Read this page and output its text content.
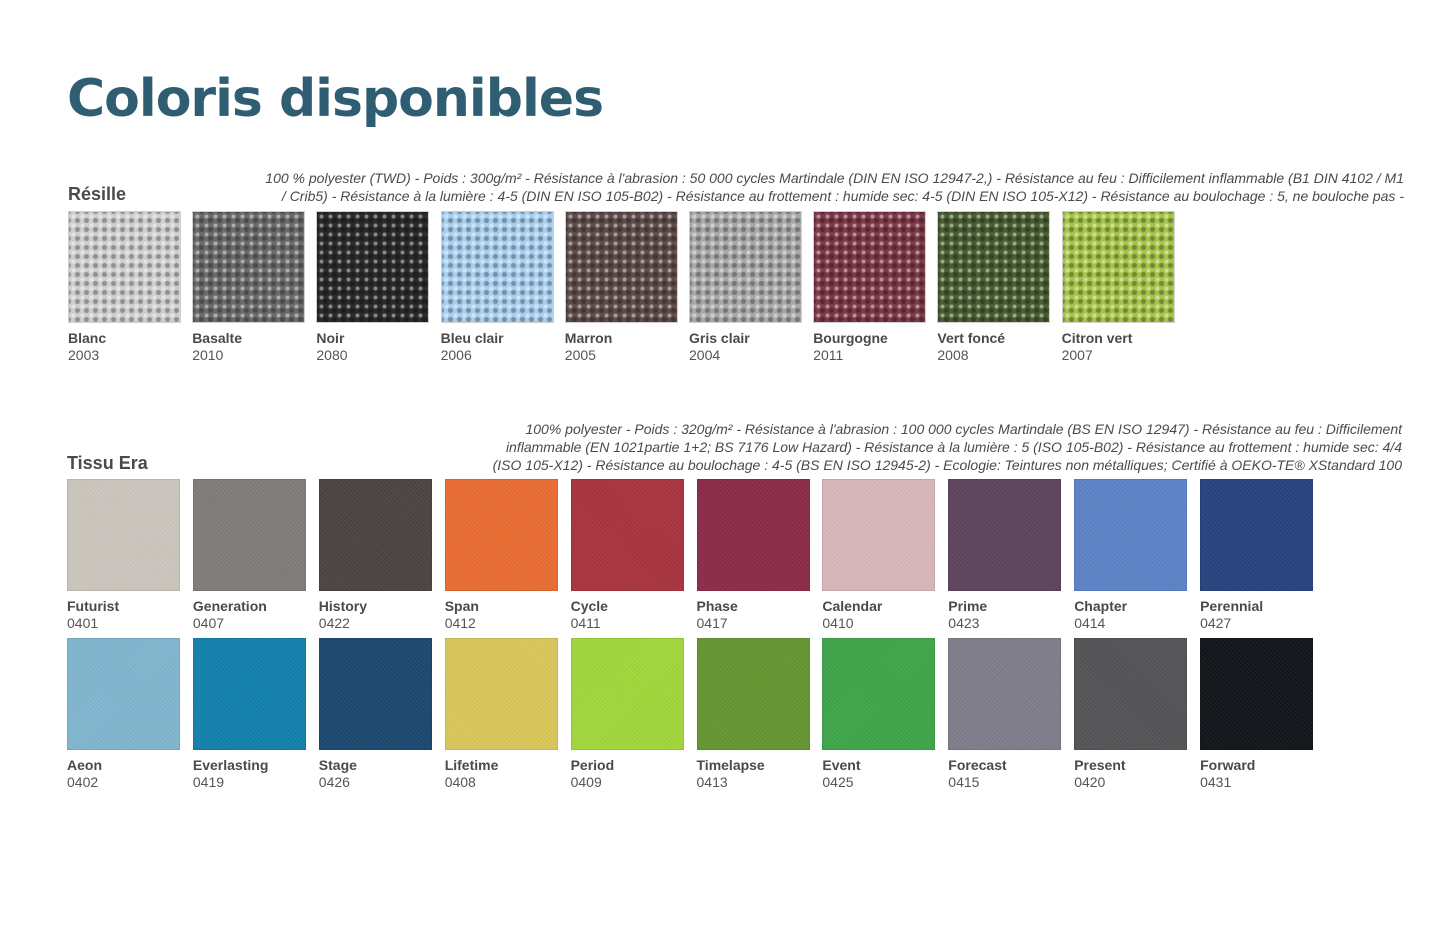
Coloris disponibles
Résille
100 % polyester (TWD) - Poids : 300g/m² - Résistance à l'abrasion : 50 000 cycles Martindale (DIN EN ISO 12947-2,) - Résistance au feu : Difficilement inflammable (B1 DIN 4102 / M1
/ Crib5) - Résistance à la lumière : 4-5 (DIN EN ISO 105-B02) - Résistance au frottement : humide sec: 4-5 (DIN EN ISO 105-X12) - Résistance au boulochage : 5, ne bouloche pas -
Blanc
2003
Basalte
2010
Noir
2080
Bleu clair
2006
Marron
2005
Gris clair
2004
Bourgogne
2011
Vert foncé
2008
Citron vert
2007
Tissu Era
100% polyester - Poids : 320g/m² - Résistance à l'abrasion : 100 000 cycles Martindale (BS EN ISO 12947) - Résistance au feu : Difficilement
inflammable (EN 1021partie 1+2; BS 7176 Low Hazard) - Résistance à la lumière : 5 (ISO 105-B02) - Résistance au frottement : humide sec: 4/4
(ISO 105-X12) - Résistance au boulochage : 4-5 (BS EN ISO 12945-2) - Ecologie: Teintures non métalliques; Certifié à OEKO-TE® XStandard 100
Futurist
0401
Generation
0407
History
0422
Span
0412
Cycle
0411
Phase
0417
Calendar
0410
Prime
0423
Chapter
0414
Perennial
0427
Aeon
0402
Everlasting
0419
Stage
0426
Lifetime
0408
Period
0409
Timelapse
0413
Event
0425
Forecast
0415
Present
0420
Forward
0431
